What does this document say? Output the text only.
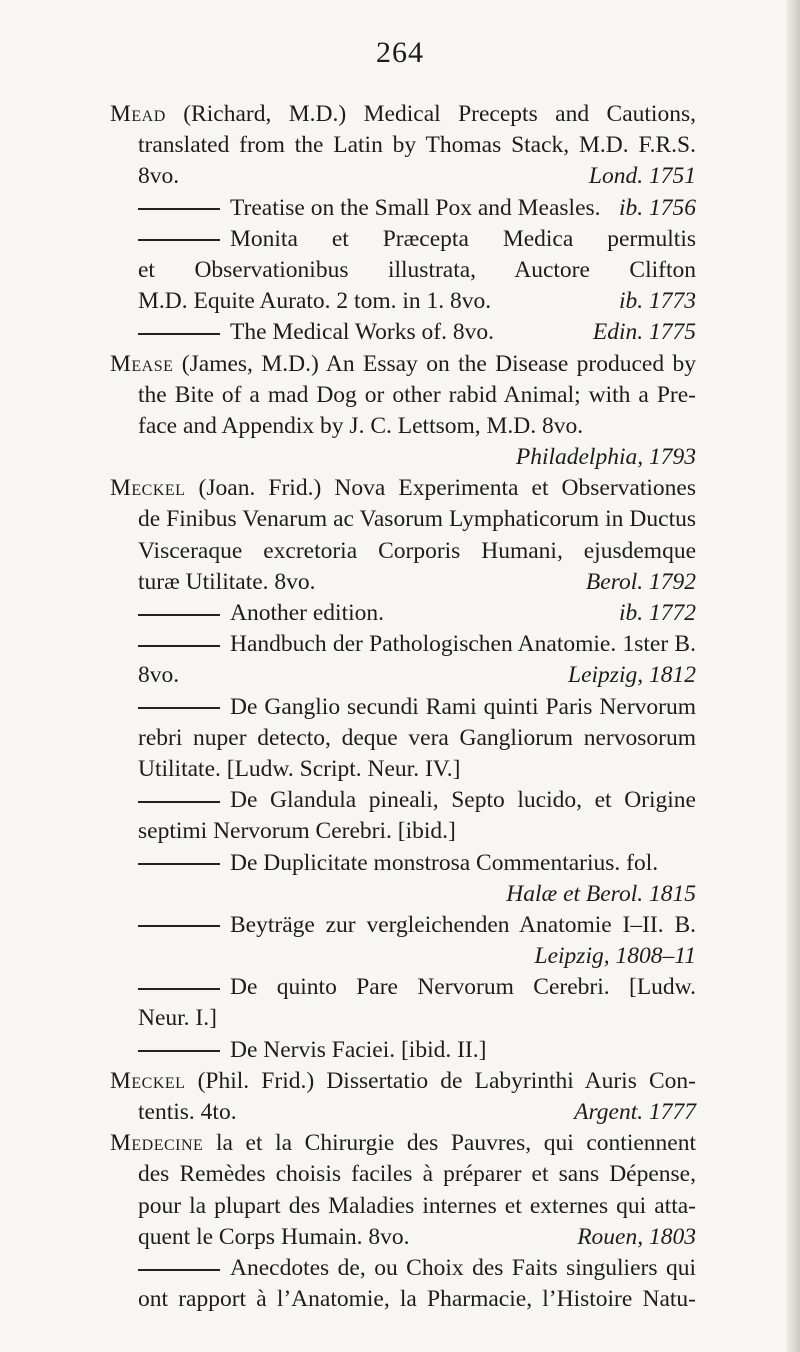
264
Mead (Richard, M.D.) Medical Precepts and Cautions,
translated from the Latin by Thomas Stack, M.D. F.R.S.
8vo.	Lond. 1751
Treatise on the Small Pox and Measles. ib. 1756
Monita et Præcepta Medica permultis
et Observationibus illustrata, Auctore Clifton
M.D. Equite Aurato. 2 tom. in 1. 8vo.	ib. 1773
The Medical Works of. 8vo.	Edin. 1775
Mease (James, M.D.) An Essay on the Disease produced by
the Bite of a mad Dog or other rabid Animal; with a Pre-
face and Appendix by J. C. Lettsom, M.D. 8vo.
Philadelphia, 1793
Meckel (Joan. Frid.) Nova Experimenta et Observationes
de Finibus Venarum ac Vasorum Lymphaticorum in Ductus
Visceraque excretoria Corporis Humani, ejusdemque
turæ Utilitate. 8vo.	Berol. 1792
Another edition.	ib. 1772
Handbuch der Pathologischen Anatomie. 1ster B.
8vo.	Leipzig, 1812
De Ganglio secundi Rami quinti Paris Nervorum
rebri nuper detecto, deque vera Gangliorum nervosorum
Utilitate. [Ludw. Script. Neur. IV.]
De Glandula pineali, Septo lucido, et Origine
septimi Nervorum Cerebri. [ibid.]
De Duplicitate monstrosa Commentarius. fol.
Halæ et Berol. 1815
Beyträge zur vergleichenden Anatomie I–II. B.
Leipzig, 1808–11
De quinto Pare Nervorum Cerebri. [Ludw.
Neur. I.]
De Nervis Faciei. [ibid. II.]
Meckel (Phil. Frid.) Dissertatio de Labyrinthi Auris Con-
tentis. 4to.	Argent. 1777
Medecine la et la Chirurgie des Pauvres, qui contiennent
des Remèdes choisis faciles à préparer et sans Dépense,
pour la plupart des Maladies internes et externes qui atta-
quent le Corps Humain. 8vo.	Rouen, 1803
Anecdotes de, ou Choix des Faits singuliers qui
ont rapport à l’Anatomie, la Pharmacie, l’Histoire Natu-
